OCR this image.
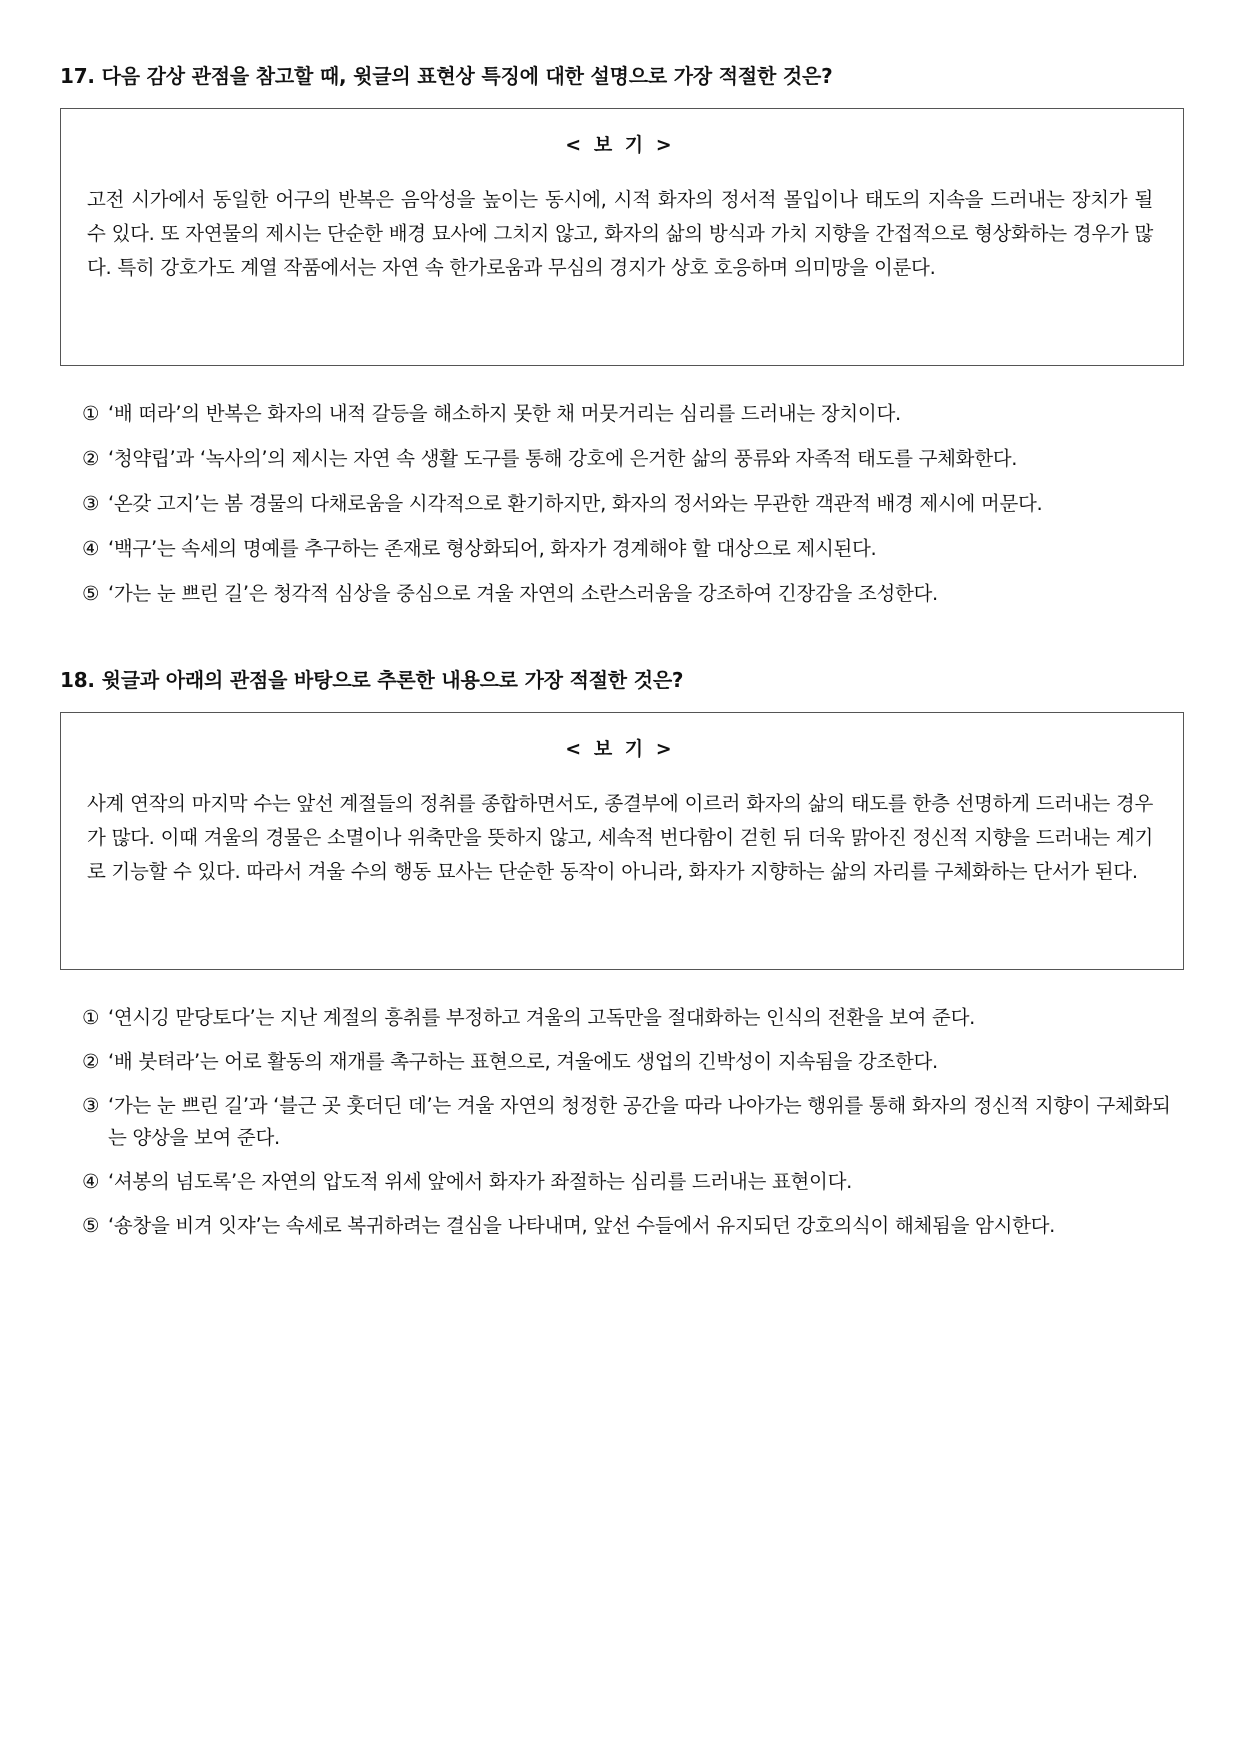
17. 다음 감상 관점을 참고할 때, 윗글의 표현상 특징에 대한 설명으로 가장 적절한 것은?

< 보 기 >

고전 시가에서 동일한 어구의 반복은 음악성을 높이는 동시에, 시적 화자의 정서적 몰입이나 태도의 지속을 드러내는 장치가 될 수 있다. 또 자연물의 제시는 단순한 배경 묘사에 그치지 않고, 화자의 삶의 방식과 가치 지향을 간접적으로 형상화하는 경우가 많다. 특히 강호가도 계열 작품에서는 자연 속 한가로움과 무심의 경지가 상호 호응하며 의미망을 이룬다.

① ‘배 떠라’의 반복은 화자의 내적 갈등을 해소하지 못한 채 머뭇거리는 심리를 드러내는 장치이다.
② ‘청약립’과 ‘녹사의’의 제시는 자연 속 생활 도구를 통해 강호에 은거한 삶의 풍류와 자족적 태도를 구체화한다.
③ ‘온갖 고지’는 봄 경물의 다채로움을 시각적으로 환기하지만, 화자의 정서와는 무관한 객관적 배경 제시에 머문다.
④ ‘백구’는 속세의 명예를 추구하는 존재로 형상화되어, 화자가 경계해야 할 대상으로 제시된다.
⑤ ‘가는 눈 쁘린 길’은 청각적 심상을 중심으로 겨울 자연의 소란스러움을 강조하여 긴장감을 조성한다.

18. 윗글과 아래의 관점을 바탕으로 추론한 내용으로 가장 적절한 것은?

< 보 기 >

사계 연작의 마지막 수는 앞선 계절들의 정취를 종합하면서도, 종결부에 이르러 화자의 삶의 태도를 한층 선명하게 드러내는 경우가 많다. 이때 겨울의 경물은 소멸이나 위축만을 뜻하지 않고, 세속적 번다함이 걷힌 뒤 더욱 맑아진 정신적 지향을 드러내는 계기로 기능할 수 있다. 따라서 겨울 수의 행동 묘사는 단순한 동작이 아니라, 화자가 지향하는 삶의 자리를 구체화하는 단서가 된다.

① ‘연시깅 맏당토다’는 지난 계절의 흥취를 부정하고 겨울의 고독만을 절대화하는 인식의 전환을 보여 준다.
② ‘배 붓텨라’는 어로 활동의 재개를 촉구하는 표현으로, 겨울에도 생업의 긴박성이 지속됨을 강조한다.
③ ‘가는 눈 쁘린 길’과 ‘블근 곳 훗더딘 데’는 겨울 자연의 청정한 공간을 따라 나아가는 행위를 통해 화자의 정신적 지향이 구체화되는 양상을 보여 준다.
④ ‘셔봉의 넘도록’은 자연의 압도적 위세 앞에서 화자가 좌절하는 심리를 드러내는 표현이다.
⑤ ‘숑창을 비겨 잇쟈’는 속세로 복귀하려는 결심을 나타내며, 앞선 수들에서 유지되던 강호의식이 해체됨을 암시한다.
